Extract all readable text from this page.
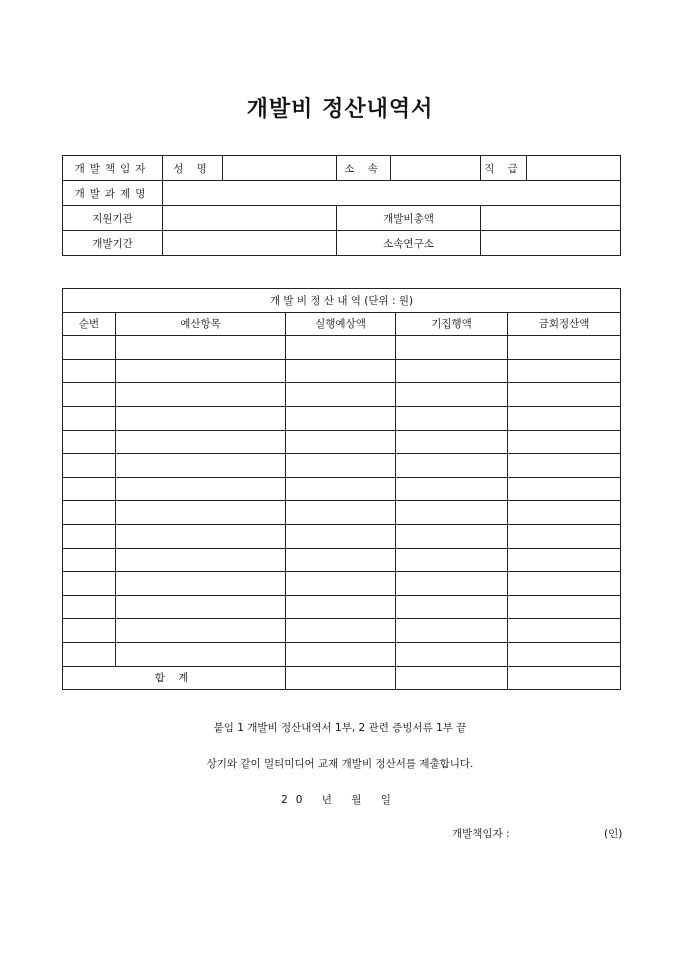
개발비 정산내역서
개발책임자	성 명		소 속		직 급	
개발과제명						
지원기관			개발비총액			
개발기간			소속연구소			
개 발 비 정 산 내 역 (단위 : 원)				
순번	예산항목	실행예상액	기집행액	금회정산액

합 계				
붙임 1 개발비 정산내역서 1부, 2 관련 증빙서류 1부 끝
상기와 같이 멀티미디어 교재 개발비 정산서를 제출합니다.
20 년 월 일
개발책임자 :	(인)
